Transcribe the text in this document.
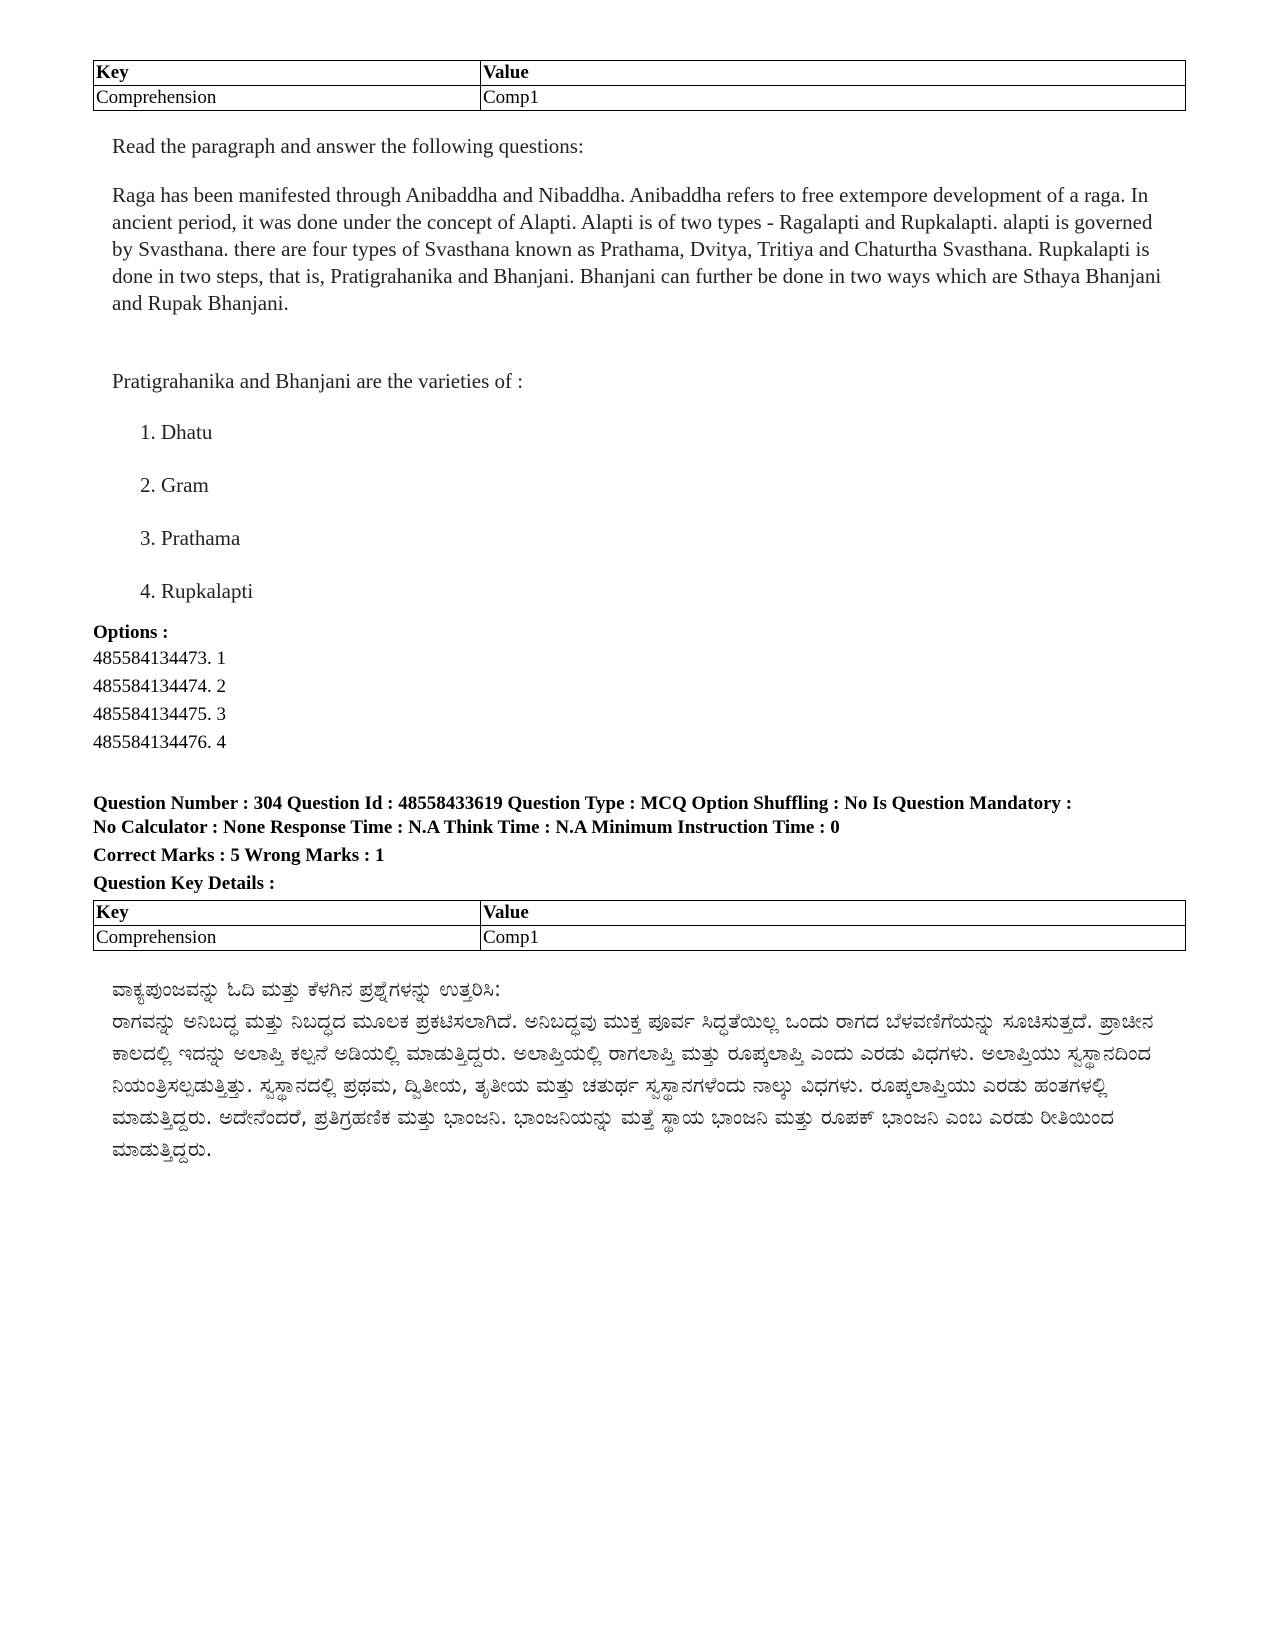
Key	Value
Comprehension	Comp1

Read the paragraph and answer the following questions:

Raga has been manifested through Anibaddha and Nibaddha. Anibaddha refers to free extempore development of a raga. In ancient period, it was done under the concept of Alapti. Alapti is of two types - Ragalapti and Rupkalapti. alapti is governed by Svasthana. there are four types of Svasthana known as Prathama, Dvitya, Tritiya and Chaturtha Svasthana. Rupkalapti is done in two steps, that is, Pratigrahanika and Bhanjani. Bhanjani can further be done in two ways which are Sthaya Bhanjani and Rupak Bhanjani.

Pratigrahanika and Bhanjani are the varieties of :

1. Dhatu
2. Gram
3. Prathama
4. Rupkalapti
Options :
485584134473. 1
485584134474. 2
485584134475. 3
485584134476. 4
Question Number : 304 Question Id : 48558433619 Question Type : MCQ Option Shuffling : No Is Question Mandatory :
No Calculator : None Response Time : N.A Think Time : N.A Minimum Instruction Time : 0
Correct Marks : 5 Wrong Marks : 1
Question Key Details :
Key	Value
Comprehension	Comp1

ವಾಕ್ಯಪುಂಜವನ್ನು ಓದಿ ಮತ್ತು ಕೆಳಗಿನ ಪ್ರಶ್ನೆಗಳನ್ನು ಉತ್ತರಿಸಿ:

ರಾಗವನ್ನು ಅನಿಬದ್ಧ ಮತ್ತು ನಿಬದ್ಧದ ಮೂಲಕ ಪ್ರಕಟಿಸಲಾಗಿದೆ. ಅನಿಬದ್ಧವು ಮುಕ್ತ ಪೂರ್ವ ಸಿದ್ಧತೆಯಿಲ್ಲ ಒಂದು ರಾಗದ ಬೆಳವಣಿಗೆಯನ್ನು ಸೂಚಿಸುತ್ತದೆ. ಪ್ರಾಚೀನ ಕಾಲದಲ್ಲಿ ಇದನ್ನು ಅಲಾಪ್ತಿ ಕಲ್ಪನೆ ಅಡಿಯಲ್ಲಿ ಮಾಡುತ್ತಿದ್ದರು. ಅಲಾಪ್ತಿಯಲ್ಲಿ ರಾಗಲಾಪ್ತಿ ಮತ್ತು ರೂಪ್ಕಲಾಪ್ತಿ ಎಂದು ಎರಡು ವಿಧಗಳು. ಅಲಾಪ್ತಿಯು ಸ್ವಸ್ಥಾನದಿಂದ ನಿಯಂತ್ರಿಸಲ್ಪಡುತ್ತಿತ್ತು. ಸ್ವಸ್ಥಾನದಲ್ಲಿ ಪ್ರಥಮ, ದ್ವಿತೀಯ, ತೃತೀಯ ಮತ್ತು ಚತುರ್ಥ ಸ್ವಸ್ಥಾನಗಳೆಂದು ನಾಲ್ಕು ವಿಧಗಳು. ರೂಪ್ಕಲಾಪ್ತಿಯು ಎರಡು ಹಂತಗಳಲ್ಲಿ ಮಾಡುತ್ತಿದ್ದರು. ಅದೇನೆಂದರೆ, ಪ್ರತಿಗ್ರಹಣಿಕ ಮತ್ತು ಭಾಂಜನಿ. ಭಾಂಜನಿಯನ್ನು ಮತ್ತೆ ಸ್ಥಾಯ ಭಾಂಜನಿ ಮತ್ತು ರೂಪಕ್ ಭಾಂಜನಿ ಎಂಬ ಎರಡು ರೀತಿಯಿಂದ ಮಾಡುತ್ತಿದ್ದರು.
